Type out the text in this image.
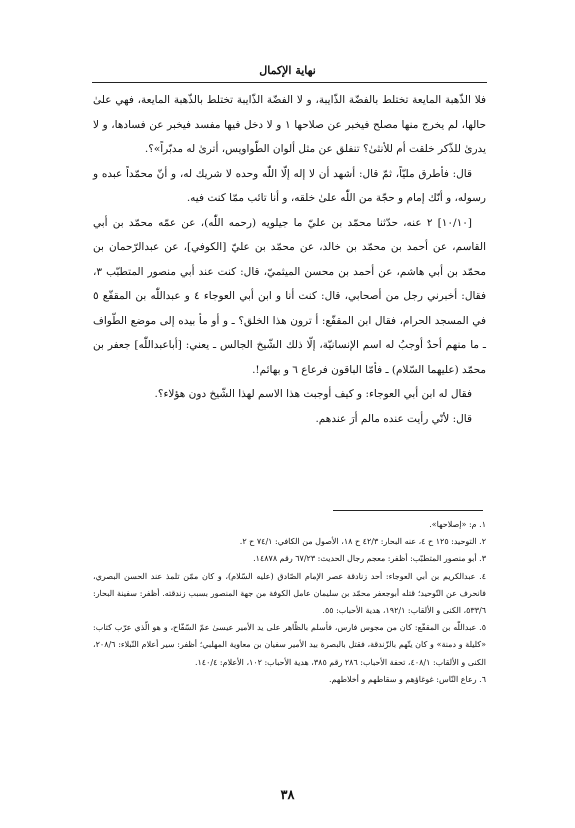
نهاية الإكمال

فلا الذّهبة المايعة تختلط بالفضّة الذّايبة، و لا الفضّة الذّايبة تختلط بالذّهبة المايعة، فهي علىٰ حالها، لم يخرج منها مصلح فيخبر عن صلاحها ١ و لا دخل فيها مفسد فيخبر عن فسادها، و لا يدرىٰ للذّكر خلقت أم للأنثىٰ؟ تنفلق عن مثل ألوان الطّواويس، أترىٰ له مدبّراً»؟.

قال: فأطرق مليّاً، ثمّ قال: أشهد أن لا إله إلّا اللّٰه وحده لا شريك له، و أنّ محمّداً عبده و رسوله، و أنّك إمام و حجّة من اللّٰه علىٰ خلقه، و أنا تائب ممّا كنت فيه.

[١٠/١٠] ٢ عنه، حدّثنا محمّد بن عليّ ما جيلويه (رحمه اللّٰه)، عن عمّه محمّد بن أبي القاسم، عن أحمد بن محمّد بن خالد، عن محمّد بن عليّ [الكوفي]، عن عبدالرّحمان بن محمّد بن أبي هاشم، عن أحمد بن محسن الميثميّ، قال: كنت عند أبي منصور المتطبّب ٣، فقال: أخبرني رجل من أصحابي، قال: كنت أنا و ابن أبي العوجاء ٤ و عبداللّٰه بن المقفّع ٥ في المسجد الحرام، فقال ابن المقفّع: أ ترون هذا الخلق؟ ـ و أو مأ بيده إلى موضع الطّواف ـ ما منهم أحدٌ أوجبُ له اسم الإنسانيّة، إلّا ذلك الشّيخ الجالس ـ يعني: [أباعبداللّٰه] جعفر بن محمّد (عليهما السّلام) ـ فأمّا الباقون فرعاع ٦ و بهائم!.

فقال له ابن أبي العوجاء: و كيف أوجبت هذا الاسم لهذا الشّيخ دون هؤلاء؟.

قال: لأنّي رأيت عنده مالم أرَ عندهم.

١. م: «إصلاحها».

٢. التوحيد: ١٢٥ ح ٤، عنه البحار: ٤٢/٣ ح ١٨، الأصول من الكافي: ٧٤/١ ح ٢.

٣. أبو منصور المتطبّب: أظفر: معجم رجال الحديث: ٦٧/٢٣ رقم ١٤٨٧٨.

٤. عبدالكريم بن أبي العوجاء: أحد زنادقة عصر الإمام الصّادق (عليه السّلام)، و كان ممّن تلمذ عند الحسن البصري، فانحرف عن التّوحيد؛ قتله أبوجعفر محمّد بن سليمان عامل الكوفة من جهة المنصور بسبب زندقته. أظفر: سفينة البحار: ٥٣٣/٦، الكنى و الألقاب: ١٩٢/١، هدية الأحباب: ٥٥.

٥. عبداللّٰه بن المقفّع: كان من مجوس فارس، فأسلم بالظّاهر على يد الأمير عيسىٰ عمّ السّفّاح، و هو الّذي عرّب كتاب: «كليلة و دمنة» و كان يتّهم بالزّندقة، فقتل بالبصرة بيد الأمير سفيان بن معاوية المهلبي؛ أظفر: سير أعلام النّبلاء: ٢٠٨/٦، الكنى و الألقاب: ٤٠٨/١، تحفة الأحباب: ٢٨٦ رقم ٣٨٥، هدية الأحباب: ١٠٢، الأعلام: ١٤٠/٤.

٦. رعاع النّاس: غوغاؤهم و سقاطهم و أخلاطهم.

٣٨
